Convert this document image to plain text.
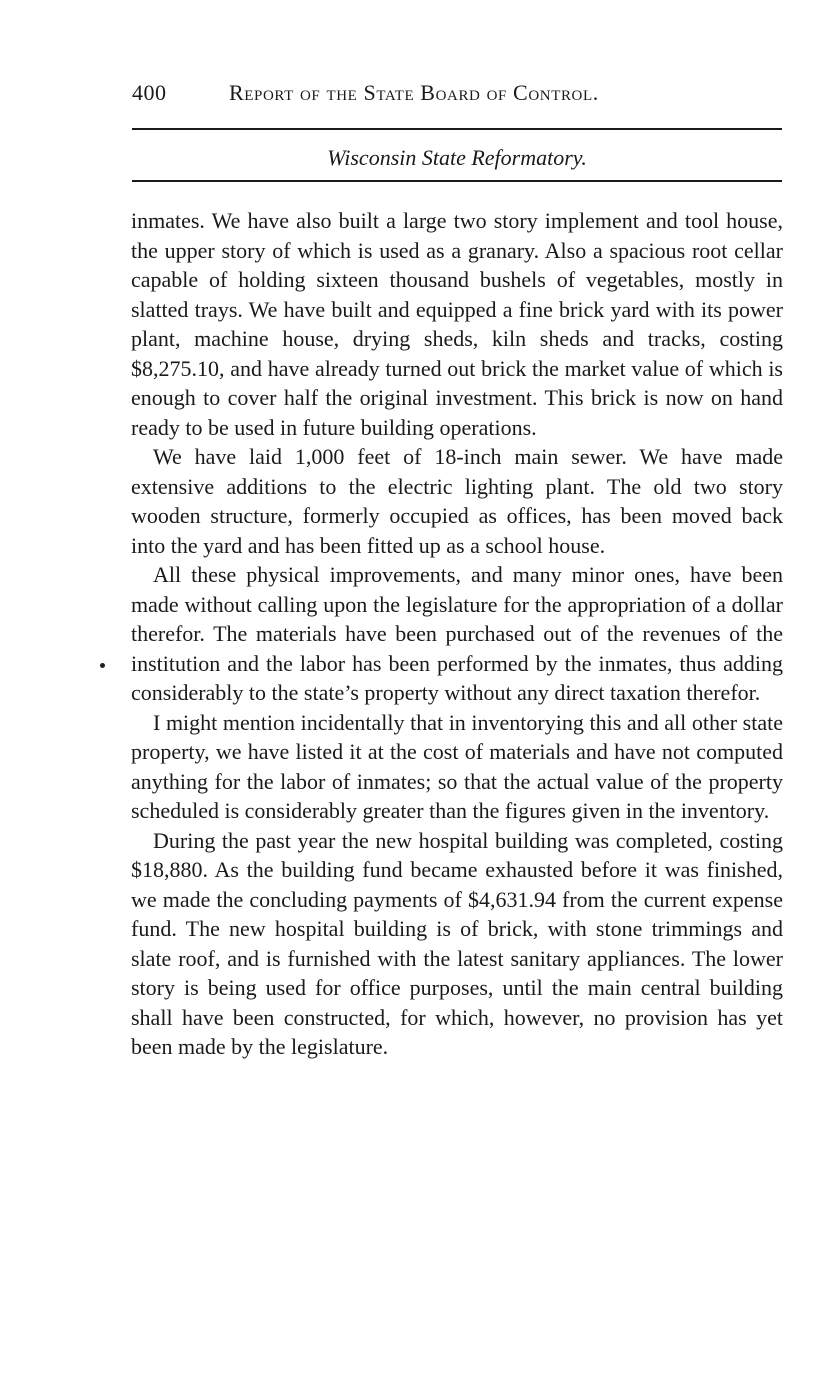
400	Report of the State Board of Control.
Wisconsin State Reformatory.

inmates. We have also built a large two story implement and tool house, the upper story of which is used as a granary. Also a spacious root cellar capable of holding sixteen thousand bushels of vegetables, mostly in slatted trays. We have built and equipped a fine brick yard with its power plant, machine house, drying sheds, kiln sheds and tracks, costing $8,275.10, and have already turned out brick the market value of which is enough to cover half the original investment. This brick is now on hand ready to be used in future building operations.

We have laid 1,000 feet of 18-inch main sewer. We have made extensive additions to the electric lighting plant. The old two story wooden structure, formerly occupied as offices, has been moved back into the yard and has been fitted up as a school house.

All these physical improvements, and many minor ones, have been made without calling upon the legislature for the appropriation of a dollar therefor. The materials have been purchased out of the revenues of the institution and the labor has been performed by the inmates, thus adding considerably to the state’s property without any direct taxation therefor.

I might mention incidentally that in inventorying this and all other state property, we have listed it at the cost of materials and have not computed anything for the labor of inmates; so that the actual value of the property scheduled is considerably greater than the figures given in the inventory.

During the past year the new hospital building was completed, costing $18,880. As the building fund became exhausted before it was finished, we made the concluding payments of $4,631.94 from the current expense fund. The new hospital building is of brick, with stone trimmings and slate roof, and is furnished with the latest sanitary appliances. The lower story is being used for office purposes, until the main central building shall have been constructed, for which, however, no provision has yet been made by the legislature.
